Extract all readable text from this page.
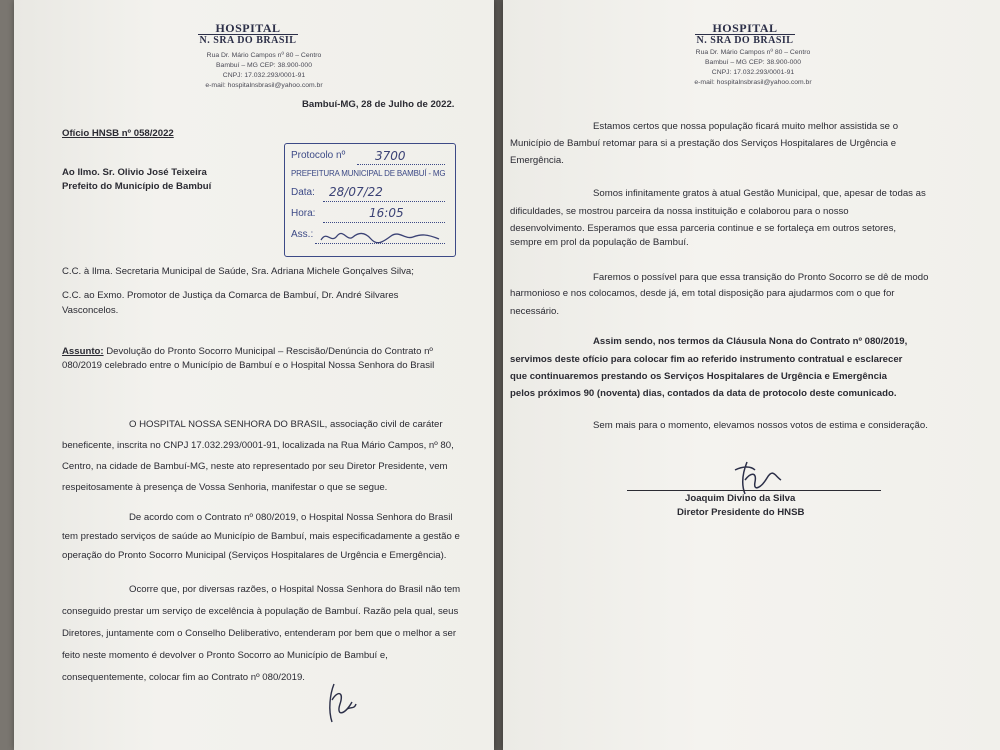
HOSPITAL
N. SRA DO BRASIL
Rua Dr. Mário Campos nº 80 – Centro
Bambuí – MG CEP: 38.900-000
CNPJ: 17.032.293/0001-91
e-mail: hospitalnsbrasil@yahoo.com.br
Bambuí-MG, 28 de Julho de 2022.
Ofício HNSB nº 058/2022
Ao Ilmo. Sr. Olivio José Teixeira
Prefeito do Município de Bambuí
Protocolo nº 3700
PREFEITURA MUNICIPAL DE BAMBUÍ - MG
Data: 28/07/22
Hora:	16:05
Ass.:
C.C. à Ilma. Secretaria Municipal de Saúde, Sra. Adriana Michele Gonçalves Silva;
C.C. ao Exmo. Promotor de Justiça da Comarca de Bambuí, Dr. André Silvares
Vasconcelos.
Assunto: Devolução do Pronto Socorro Municipal – Rescisão/Denúncia do Contrato nº
080/2019 celebrado entre o Município de Bambuí e o Hospital Nossa Senhora do Brasil
O HOSPITAL NOSSA SENHORA DO BRASIL, associação civil de caráter
beneficente, inscrita no CNPJ 17.032.293/0001-91, localizada na Rua Mário Campos, nº 80,
Centro, na cidade de Bambuí-MG, neste ato representado por seu Diretor Presidente, vem
respeitosamente à presença de Vossa Senhoria, manifestar o que se segue.
De acordo com o Contrato nº 080/2019, o Hospital Nossa Senhora do Brasil
tem prestado serviços de saúde ao Município de Bambuí, mais especificadamente a gestão e
operação do Pronto Socorro Municipal (Serviços Hospitalares de Urgência e Emergência).
Ocorre que, por diversas razões, o Hospital Nossa Senhora do Brasil não tem
conseguido prestar um serviço de excelência à população de Bambuí. Razão pela qual, seus
Diretores, juntamente com o Conselho Deliberativo, entenderam por bem que o melhor a ser
feito neste momento é devolver o Pronto Socorro ao Município de Bambuí e,
consequentemente, colocar fim ao Contrato nº 080/2019.
HOSPITAL
N. SRA DO BRASIL
Rua Dr. Mário Campos nº 80 – Centro
Bambuí – MG CEP: 38.900-000
CNPJ: 17.032.293/0001-91
e-mail: hospitalnsbrasil@yahoo.com.br
Estamos certos que nossa população ficará muito melhor assistida se o
Município de Bambuí retomar para si a prestação dos Serviços Hospitalares de Urgência e
Emergência.
Somos infinitamente gratos à atual Gestão Municipal, que, apesar de todas as
dificuldades, se mostrou parceira da nossa instituição e colaborou para o nosso
desenvolvimento. Esperamos que essa parceria continue e se fortaleça em outros setores,
sempre em prol da população de Bambuí.
Faremos o possível para que essa transição do Pronto Socorro se dê de modo
harmonioso e nos colocamos, desde já, em total disposição para ajudarmos com o que for
necessário.
Assim sendo, nos termos da Cláusula Nona do Contrato nº 080/2019,
servimos deste ofício para colocar fim ao referido instrumento contratual e esclarecer
que continuaremos prestando os Serviços Hospitalares de Urgência e Emergência
pelos próximos 90 (noventa) dias, contados da data de protocolo deste comunicado.
Sem mais para o momento, elevamos nossos votos de estima e consideração.
Joaquim Divino da Silva
Diretor Presidente do HNSB
